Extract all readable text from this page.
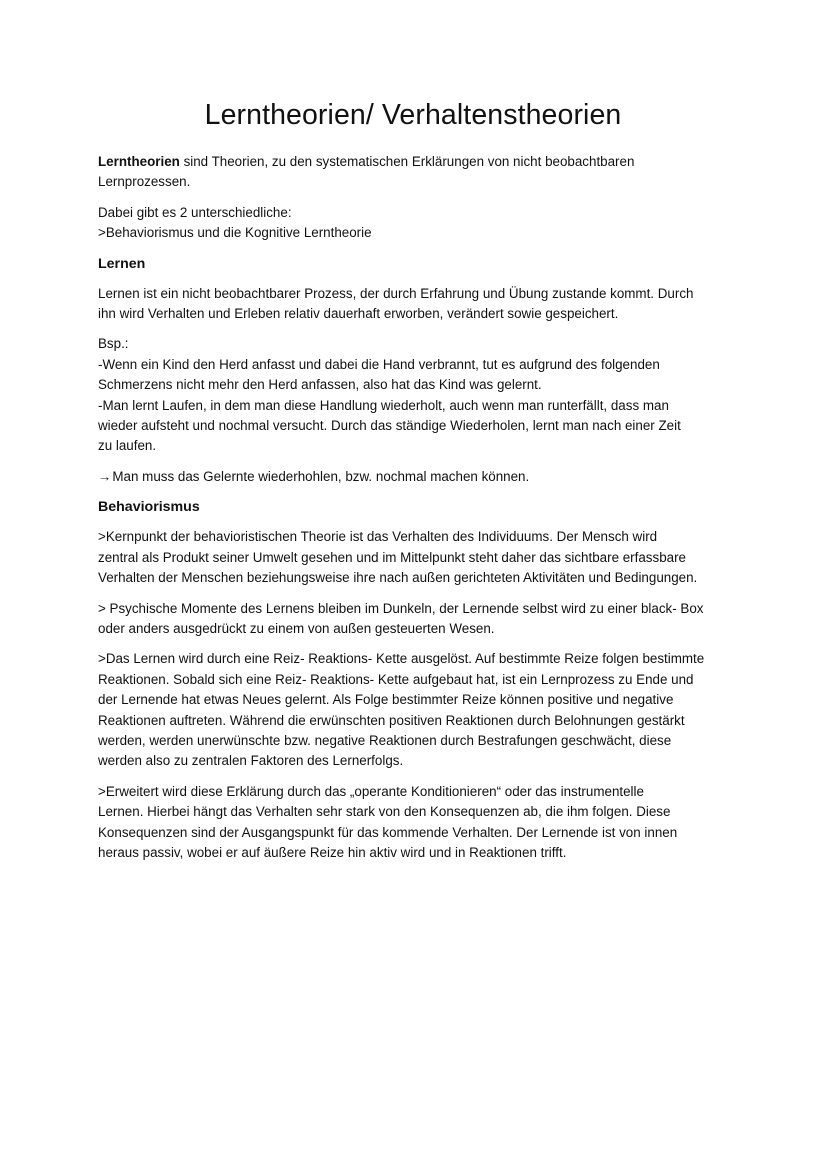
Lerntheorien/ Verhaltenstheorien

Lerntheorien sind Theorien, zu den systematischen Erklärungen von nicht beobachtbaren
Lernprozessen.

Dabei gibt es 2 unterschiedliche:
>Behaviorismus und die Kognitive Lerntheorie

Lernen

Lernen ist ein nicht beobachtbarer Prozess, der durch Erfahrung und Übung zustande kommt. Durch
ihn wird Verhalten und Erleben relativ dauerhaft erworben, verändert sowie gespeichert.

Bsp.:
-Wenn ein Kind den Herd anfasst und dabei die Hand verbrannt, tut es aufgrund des folgenden
Schmerzens nicht mehr den Herd anfassen, also hat das Kind was gelernt.
-Man lernt Laufen, in dem man diese Handlung wiederholt, auch wenn man runterfällt, dass man
wieder aufsteht und nochmal versucht. Durch das ständige Wiederholen, lernt man nach einer Zeit
zu laufen.

→Man muss das Gelernte wiederhohlen, bzw. nochmal machen können.

Behaviorismus

>Kernpunkt der behavioristischen Theorie ist das Verhalten des Individuums. Der Mensch wird
zentral als Produkt seiner Umwelt gesehen und im Mittelpunkt steht daher das sichtbare erfassbare
Verhalten der Menschen beziehungsweise ihre nach außen gerichteten Aktivitäten und Bedingungen.

> Psychische Momente des Lernens bleiben im Dunkeln, der Lernende selbst wird zu einer black- Box
oder anders ausgedrückt zu einem von außen gesteuerten Wesen.

>Das Lernen wird durch eine Reiz- Reaktions- Kette ausgelöst. Auf bestimmte Reize folgen bestimmte
Reaktionen. Sobald sich eine Reiz- Reaktions- Kette aufgebaut hat, ist ein Lernprozess zu Ende und
der Lernende hat etwas Neues gelernt. Als Folge bestimmter Reize können positive und negative
Reaktionen auftreten. Während die erwünschten positiven Reaktionen durch Belohnungen gestärkt
werden, werden unerwünschte bzw. negative Reaktionen durch Bestrafungen geschwächt, diese
werden also zu zentralen Faktoren des Lernerfolgs.

>Erweitert wird diese Erklärung durch das „operante Konditionieren“ oder das instrumentelle
Lernen. Hierbei hängt das Verhalten sehr stark von den Konsequenzen ab, die ihm folgen. Diese
Konsequenzen sind der Ausgangspunkt für das kommende Verhalten. Der Lernende ist von innen
heraus passiv, wobei er auf äußere Reize hin aktiv wird und in Reaktionen trifft.
